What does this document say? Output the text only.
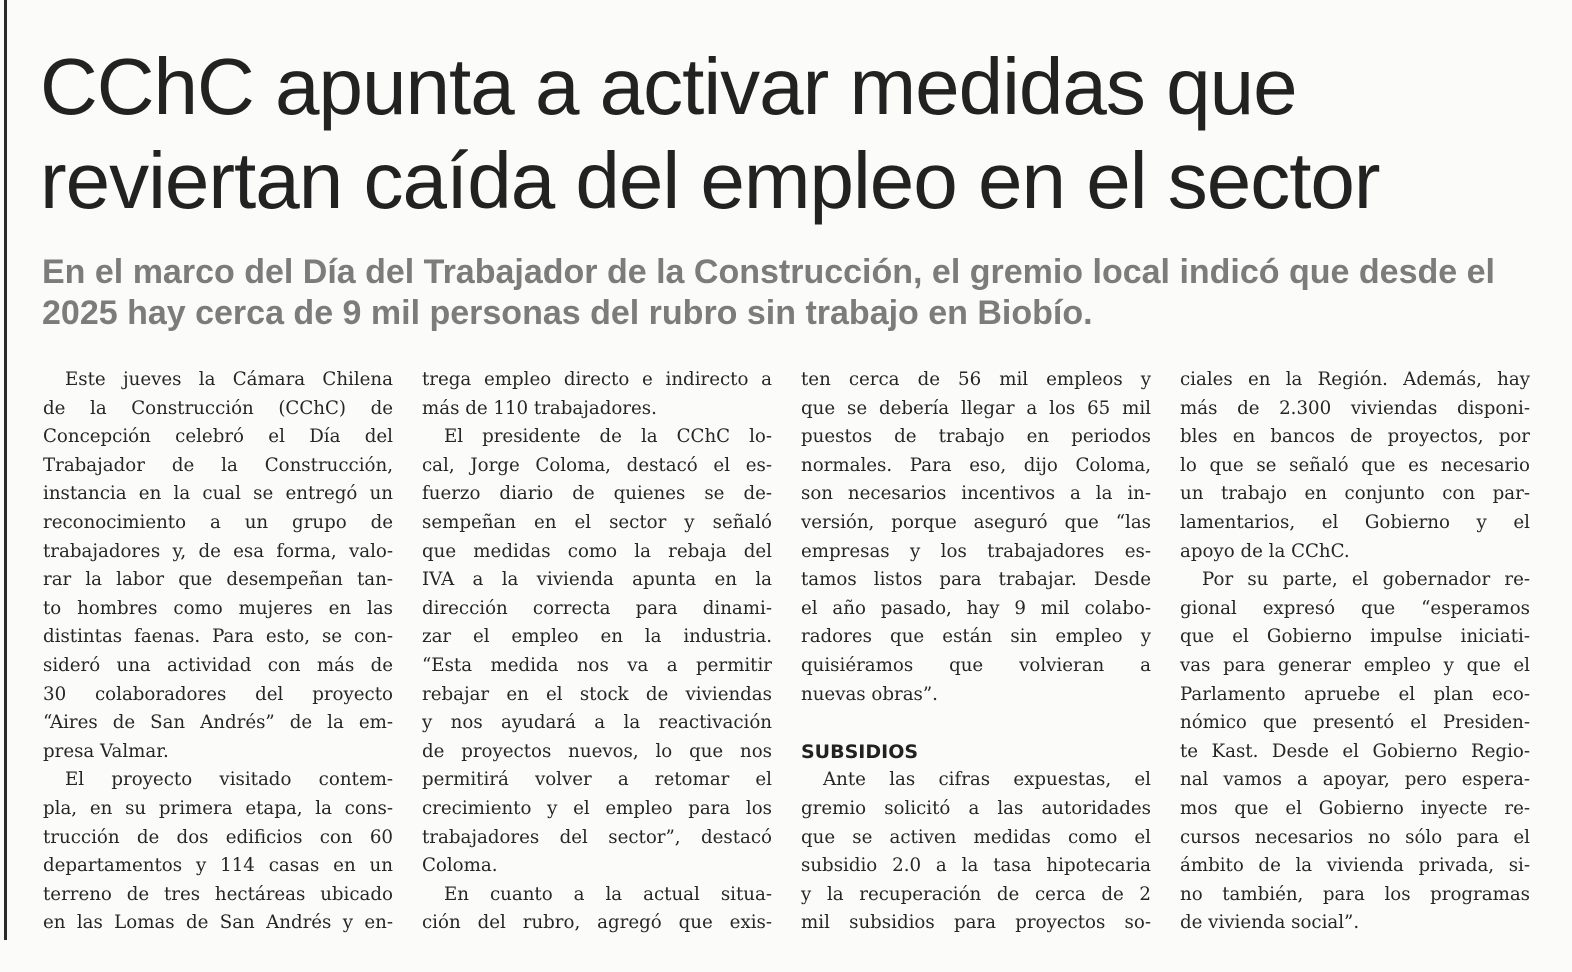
CChC apunta a activar medidas que
reviertan caída del empleo en el sector
En el marco del Día del Trabajador de la Construcción, el gremio local indicó que desde el
2025 hay cerca de 9 mil personas del rubro sin trabajo en Biobío.

Este jueves la Cámara Chilena

de la Construcción (CChC) de

Concepción celebró el Día del

Trabajador de la Construcción,

instancia en la cual se entregó un

reconocimiento a un grupo de

trabajadores y, de esa forma, valo-

rar la labor que desempeñan tan-

to hombres como mujeres en las

distintas faenas. Para esto, se con-

sideró una actividad con más de

30 colaboradores del proyecto

“Aires de San Andrés” de la em-

presa Valmar.

El proyecto visitado contem-

pla, en su primera etapa, la cons-

trucción de dos edificios con 60

departamentos y 114 casas en un

terreno de tres hectáreas ubicado

en las Lomas de San Andrés y en-

trega empleo directo e indirecto a

más de 110 trabajadores.

El presidente de la CChC lo-

cal, Jorge Coloma, destacó el es-

fuerzo diario de quienes se de-

sempeñan en el sector y señaló

que medidas como la rebaja del

IVA a la vivienda apunta en la

dirección correcta para dinami-

zar el empleo en la industria.

“Esta medida nos va a permitir

rebajar en el stock de viviendas

y nos ayudará a la reactivación

de proyectos nuevos, lo que nos

permitirá volver a retomar el

crecimiento y el empleo para los

trabajadores del sector”, destacó

Coloma.

En cuanto a la actual situa-

ción del rubro, agregó que exis-

ten cerca de 56 mil empleos y

que se debería llegar a los 65 mil

puestos de trabajo en periodos

normales. Para eso, dijo Coloma,

son necesarios incentivos a la in-

versión, porque aseguró que “las

empresas y los trabajadores es-

tamos listos para trabajar. Desde

el año pasado, hay 9 mil colabo-

radores que están sin empleo y

quisiéramos que volvieran a

nuevas obras”.

SUBSIDIOS

Ante las cifras expuestas, el

gremio solicitó a las autoridades

que se activen medidas como el

subsidio 2.0 a la tasa hipotecaria

y la recuperación de cerca de 2

mil subsidios para proyectos so-

ciales en la Región. Además, hay

más de 2.300 viviendas disponi-

bles en bancos de proyectos, por

lo que se señaló que es necesario

un trabajo en conjunto con par-

lamentarios, el Gobierno y el

apoyo de la CChC.

Por su parte, el gobernador re-

gional expresó que “esperamos

que el Gobierno impulse iniciati-

vas para generar empleo y que el

Parlamento apruebe el plan eco-

nómico que presentó el Presiden-

te Kast. Desde el Gobierno Regio-

nal vamos a apoyar, pero espera-

mos que el Gobierno inyecte re-

cursos necesarios no sólo para el

ámbito de la vivienda privada, si-

no también, para los programas

de vivienda social”.
